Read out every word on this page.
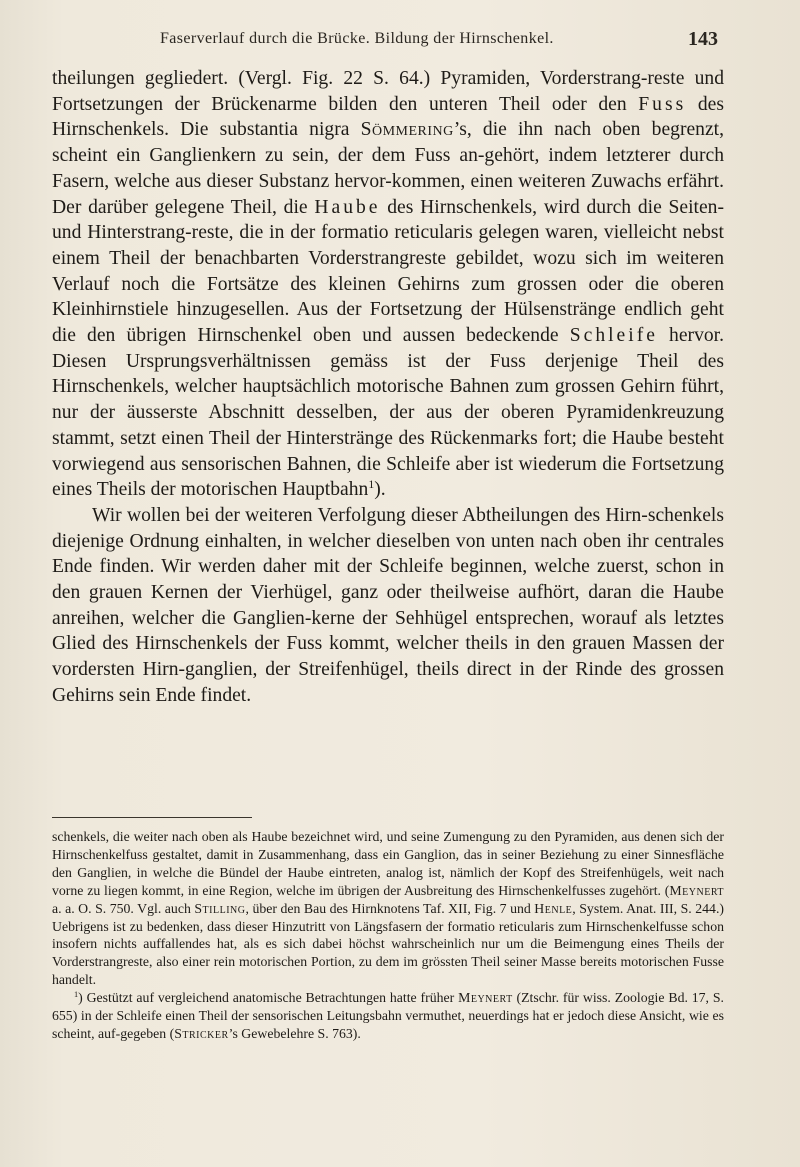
Faserverlauf durch die Brücke. Bildung der Hirnschenkel.	143

theilungen gegliedert. (Vergl. Fig. 22 S. 64.) Pyramiden, Vorderstrang-reste und Fortsetzungen der Brückenarme bilden den unteren Theil oder den Fuss des Hirnschenkels. Die substantia nigra Sömmering’s, die ihn nach oben begrenzt, scheint ein Ganglienkern zu sein, der dem Fuss an-gehört, indem letzterer durch Fasern, welche aus dieser Substanz hervor-kommen, einen weiteren Zuwachs erfährt. Der darüber gelegene Theil, die Haube des Hirnschenkels, wird durch die Seiten- und Hinterstrang-reste, die in der formatio reticularis gelegen waren, vielleicht nebst einem Theil der benachbarten Vorderstrangreste gebildet, wozu sich im weiteren Verlauf noch die Fortsätze des kleinen Gehirns zum grossen oder die oberen Kleinhirnstiele hinzugesellen. Aus der Fortsetzung der Hülsenstränge endlich geht die den übrigen Hirnschenkel oben und aussen bedeckende Schleife hervor. Diesen Ursprungsverhältnissen gemäss ist der Fuss derjenige Theil des Hirnschenkels, welcher hauptsächlich motorische Bahnen zum grossen Gehirn führt, nur der äusserste Abschnitt desselben, der aus der oberen Pyramidenkreuzung stammt, setzt einen Theil der Hinterstränge des Rückenmarks fort; die Haube besteht vorwiegend aus sensorischen Bahnen, die Schleife aber ist wiederum die Fortsetzung eines Theils der motorischen Hauptbahn$^1$).

Wir wollen bei der weiteren Verfolgung dieser Abtheilungen des Hirn-schenkels diejenige Ordnung einhalten, in welcher dieselben von unten nach oben ihr centrales Ende finden. Wir werden daher mit der Schleife beginnen, welche zuerst, schon in den grauen Kernen der Vierhügel, ganz oder theilweise aufhört, daran die Haube anreihen, welcher die Ganglien-kerne der Sehhügel entsprechen, worauf als letztes Glied des Hirnschenkels der Fuss kommt, welcher theils in den grauen Massen der vordersten Hirn-ganglien, der Streifenhügel, theils direct in der Rinde des grossen Gehirns sein Ende findet.

schenkels, die weiter nach oben als Haube bezeichnet wird, und seine Zumengung zu den Pyramiden, aus denen sich der Hirnschenkelfuss gestaltet, damit in Zusammenhang, dass ein Ganglion, das in seiner Beziehung zu einer Sinnesfläche den Ganglien, in welche die Bündel der Haube eintreten, analog ist, nämlich der Kopf des Streifenhügels, weit nach vorne zu liegen kommt, in eine Region, welche im übrigen der Ausbreitung des Hirnschenkelfusses zugehört. (Meynert a. a. O. S. 750. Vgl. auch Stilling, über den Bau des Hirnknotens Taf. XII, Fig. 7 und Henle, System. Anat. III, S. 244.) Uebrigens ist zu bedenken, dass dieser Hinzutritt von Längsfasern der formatio reticularis zum Hirnschenkelfusse schon insofern nichts auffallendes hat, als es sich dabei höchst wahrscheinlich nur um die Beimengung eines Theils der Vorderstrangreste, also einer rein motorischen Portion, zu dem im grössten Theil seiner Masse bereits motorischen Fusse handelt.

$^1$) Gestützt auf vergleichend anatomische Betrachtungen hatte früher Meynert (Ztschr. für wiss. Zoologie Bd. 17, S. 655) in der Schleife einen Theil der sensorischen Leitungsbahn vermuthet, neuerdings hat er jedoch diese Ansicht, wie es scheint, auf-gegeben (Stricker’s Gewebelehre S. 763).
